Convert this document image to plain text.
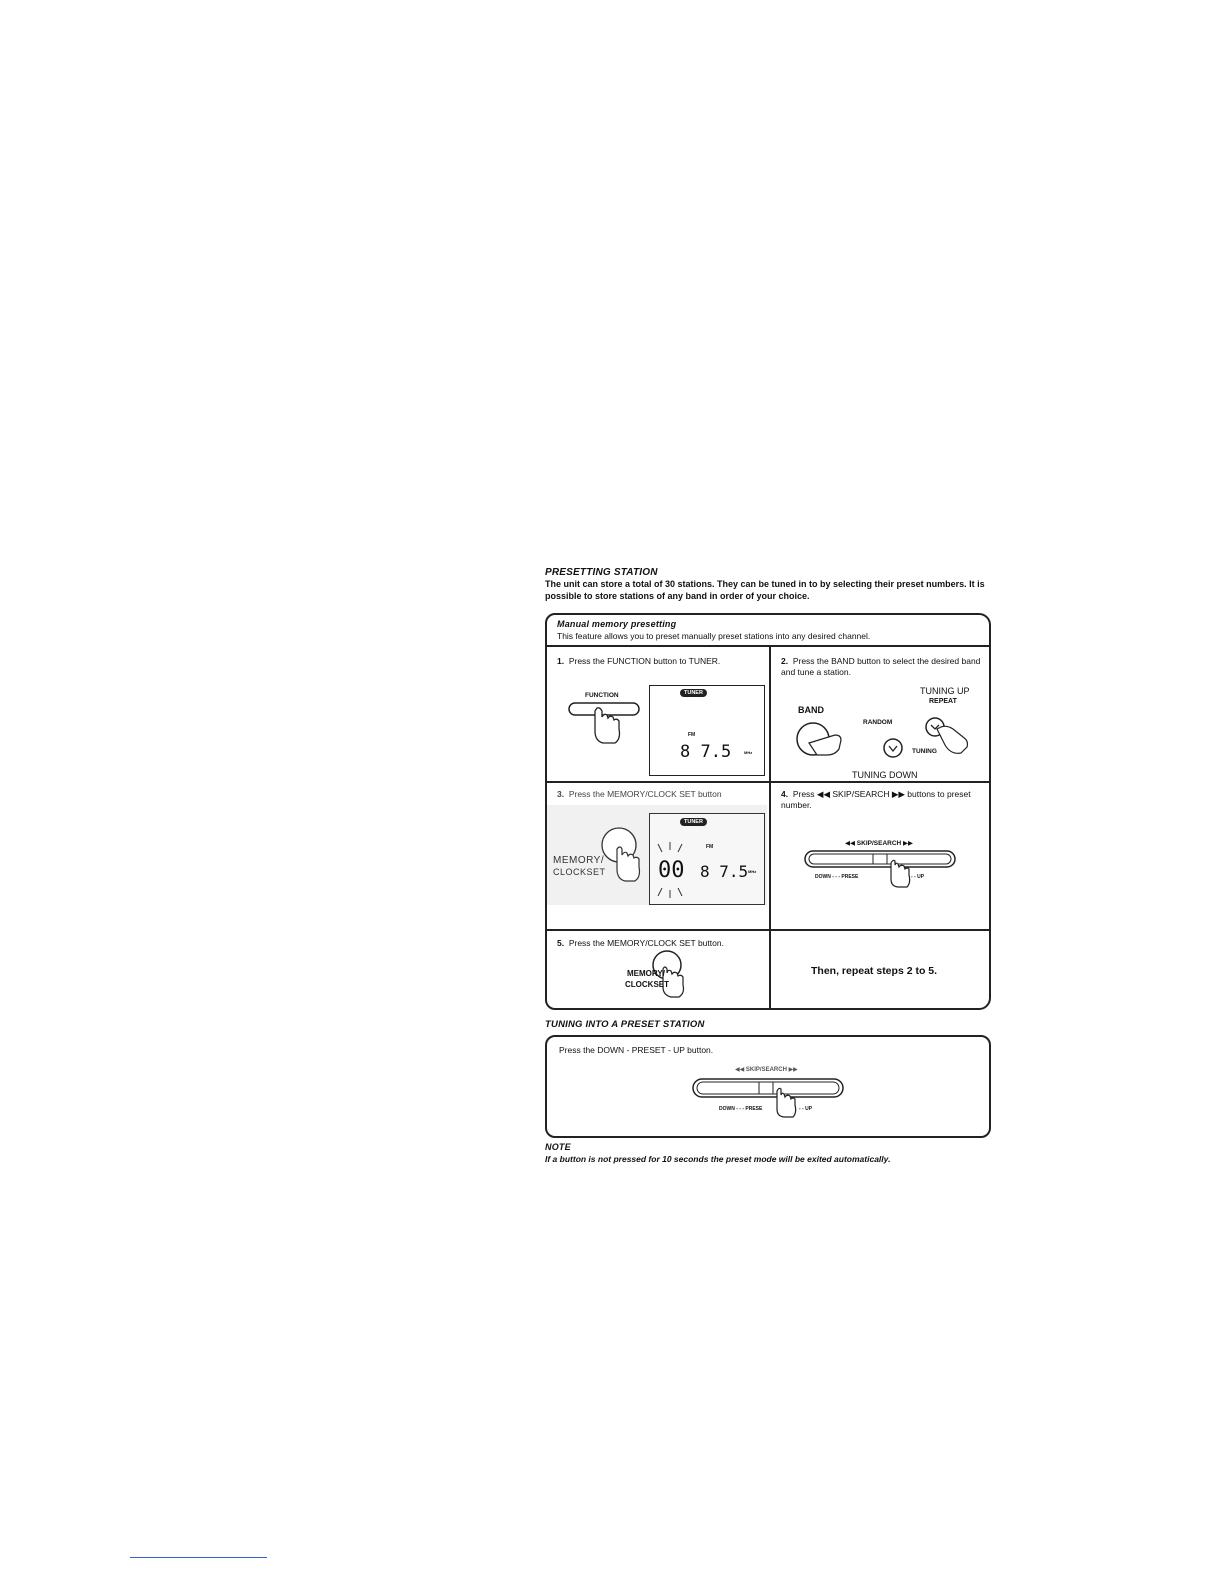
PRESETTING STATION
The unit can store a total of 30 stations. They can be tuned in to by selecting their preset numbers. It is possible to store stations of any band in order of your choice.
Manual memory presetting
This feature allows you to preset manually preset stations into any desired channel.
1. Press the FUNCTION button to TUNER.
FUNCTION	TUNER
FM
8 7.5	MHz
2. Press the BAND button to select the desired band and tune a station.
TUNING UP
REPEAT
BAND
RANDOM
TUNING
TUNING DOWN
3. Press the MEMORY/CLOCK SET button
MEMORY/
CLOCKSET
TUNER
FM
00 8 7.5 MHz
4. Press ◀◀ SKIP/SEARCH ▶▶ buttons to preset number.
◀◀ SKIP/SEARCH ▶▶
DOWN - - - PRESE	- - UP
5. Press the MEMORY/CLOCK SET button.
MEMORY/
CLOCKSET
Then, repeat steps 2 to 5.
TUNING INTO A PRESET STATION
Press the DOWN - PRESET - UP button.
◀◀ SKIP/SEARCH ▶▶
DOWN - - - PRESE	- - UP
NOTE
If a button is not pressed for 10 seconds the preset mode will be exited automatically.
